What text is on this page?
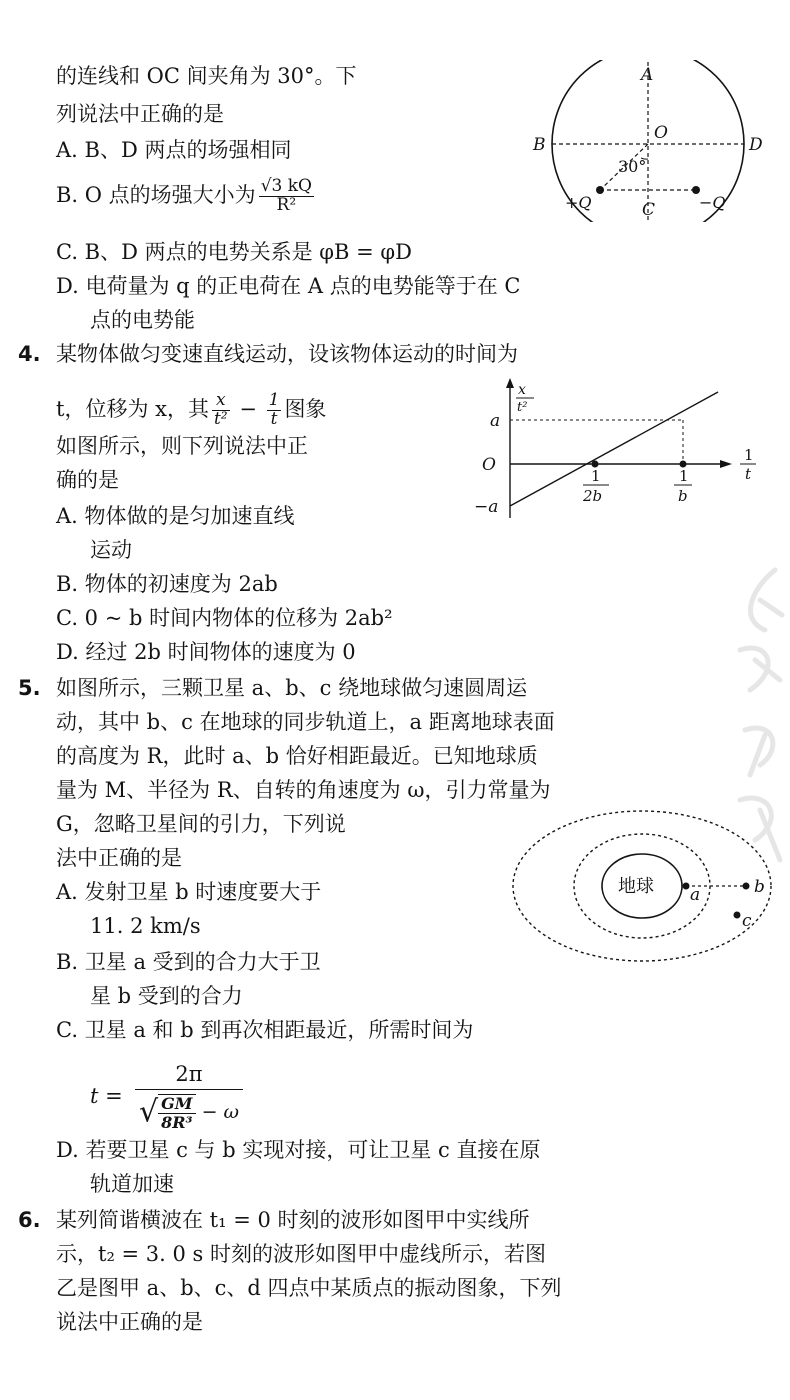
的连线和 OC 间夹角为 30°。下
列说法中正确的是
A. B、D 两点的场强相同
B. O 点的场强大小为 $\frac{√3 kQ}{\text{R²}}$
C. B、D 两点的电势关系是 φB = φD
D. 电荷量为 q 的正电荷在 A 点的电势能等于在 C
点的电势能
A
B
O
D
30°
+Q	C	−Q
4. 某物体做匀变速直线运动，设该物体运动的时间为
t，位移为 x，其 $\frac{x}{\text{t²}} - \frac{1}{t}$ 图象
如图所示，则下列说法中正
确的是
A. 物体做的是匀加速直线
运动
B. 物体的初速度为 2ab
C. 0 ~ b 时间内物体的位移为 2ab²
D. 经过 2b 时间物体的速度为 0
x
t²
1
t
a
O
−a
1
2b
1
b
5. 如图所示，三颗卫星 a、b、c 绕地球做匀速圆周运
动，其中 b、c 在地球的同步轨道上，a 距离地球表面
的高度为 R，此时 a、b 恰好相距最近。已知地球质
量为 M、半径为 R、自转的角速度为 ω，引力常量为
G，忽略卫星间的引力，下列说
法中正确的是
A. 发射卫星 b 时速度要大于
11. 2 km/s
B. 卫星 a 受到的合力大于卫
星 b 受到的合力
C. 卫星 a 和 b 到再次相距最近，所需时间为
$t = \frac{2\pi}{√ \frac{GM}{\text{8R³}} - \omega}$
D. 若要卫星 c 与 b 实现对接，可让卫星 c 直接在原
轨道加速
地球 a	b
c
6. 某列简谐横波在 t₁ = 0 时刻的波形如图甲中实线所
示，t₂ = 3. 0 s 时刻的波形如图甲中虚线所示，若图
乙是图甲 a、b、c、d 四点中某质点的振动图象，下列
说法中正确的是
